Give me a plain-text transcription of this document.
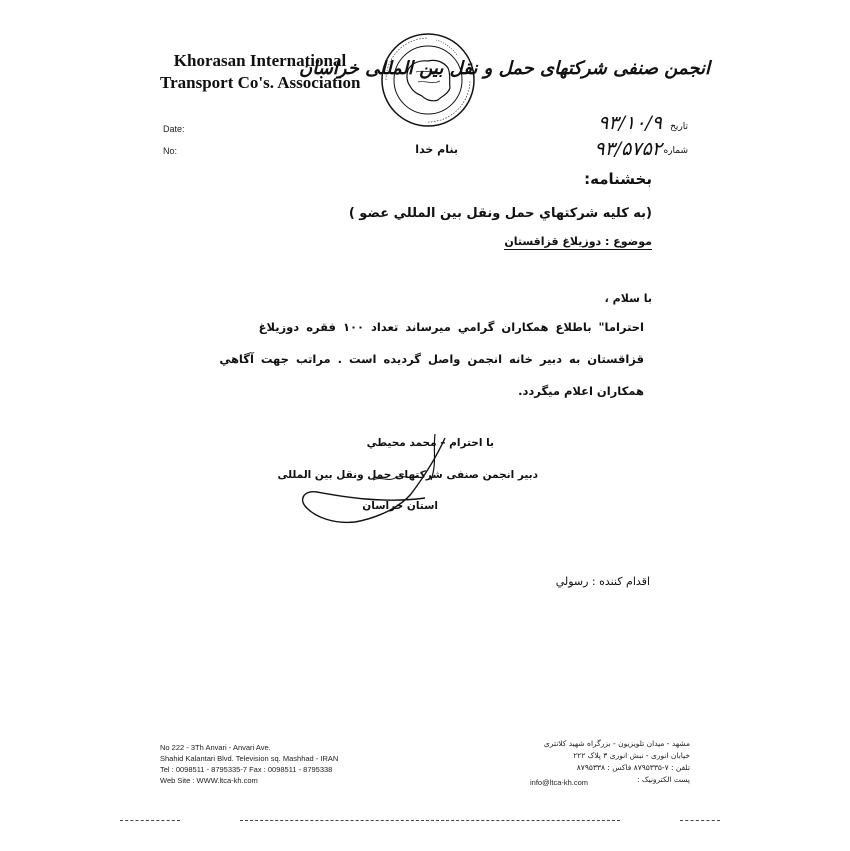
Khorasan International
Transport Co's. Association
انجمن صنفی شرکتهای حمل و نقل بین المللی خراسان
Date:
No:
۹۳/۱۰/۹ تاریخ
۹۳/۵۷۵۲ شماره
بنام خدا
بخشنامه:
(به كليه شركتهاي حمل ونقل بين المللي عضو )
موضوع : دوزيلاغ قزاقستان
با سلام ،
احتراما" باطلاع همكاران گرامي ميرساند تعداد ۱۰۰ فقره دوزيلاغ
قزاقستان به دبير خانه انجمن واصل گرديده است . مراتب جهت آگاهي
همكاران اعلام ميگردد.
با احترام – محمد محيطي
دبير انجمن صنفى شركتهاى حمل ونقل بين المللى
استان خراسان
اقدام كننده : رسولي
No 222 - 3Th Anvari - Anvari Ave.
Shahid Kalantari Blvd. Television sq. Mashhad - IRAN
Tel : 0098511 - 8795335-7 Fax : 0098511 - 8795338
Web Site : WWW.ltca-kh.com
مشهد - میدان تلویزیون - بزرگراه شهید کلانتری
خیابان انوری - نبش انوری ۳ پلاک ۲۲۲
تلفن : ۷-۸۷۹۵۳۳۵ فاکس : ۸۷۹۵۳۳۸
پست الکترونیک :
info@ltca-kh.com
